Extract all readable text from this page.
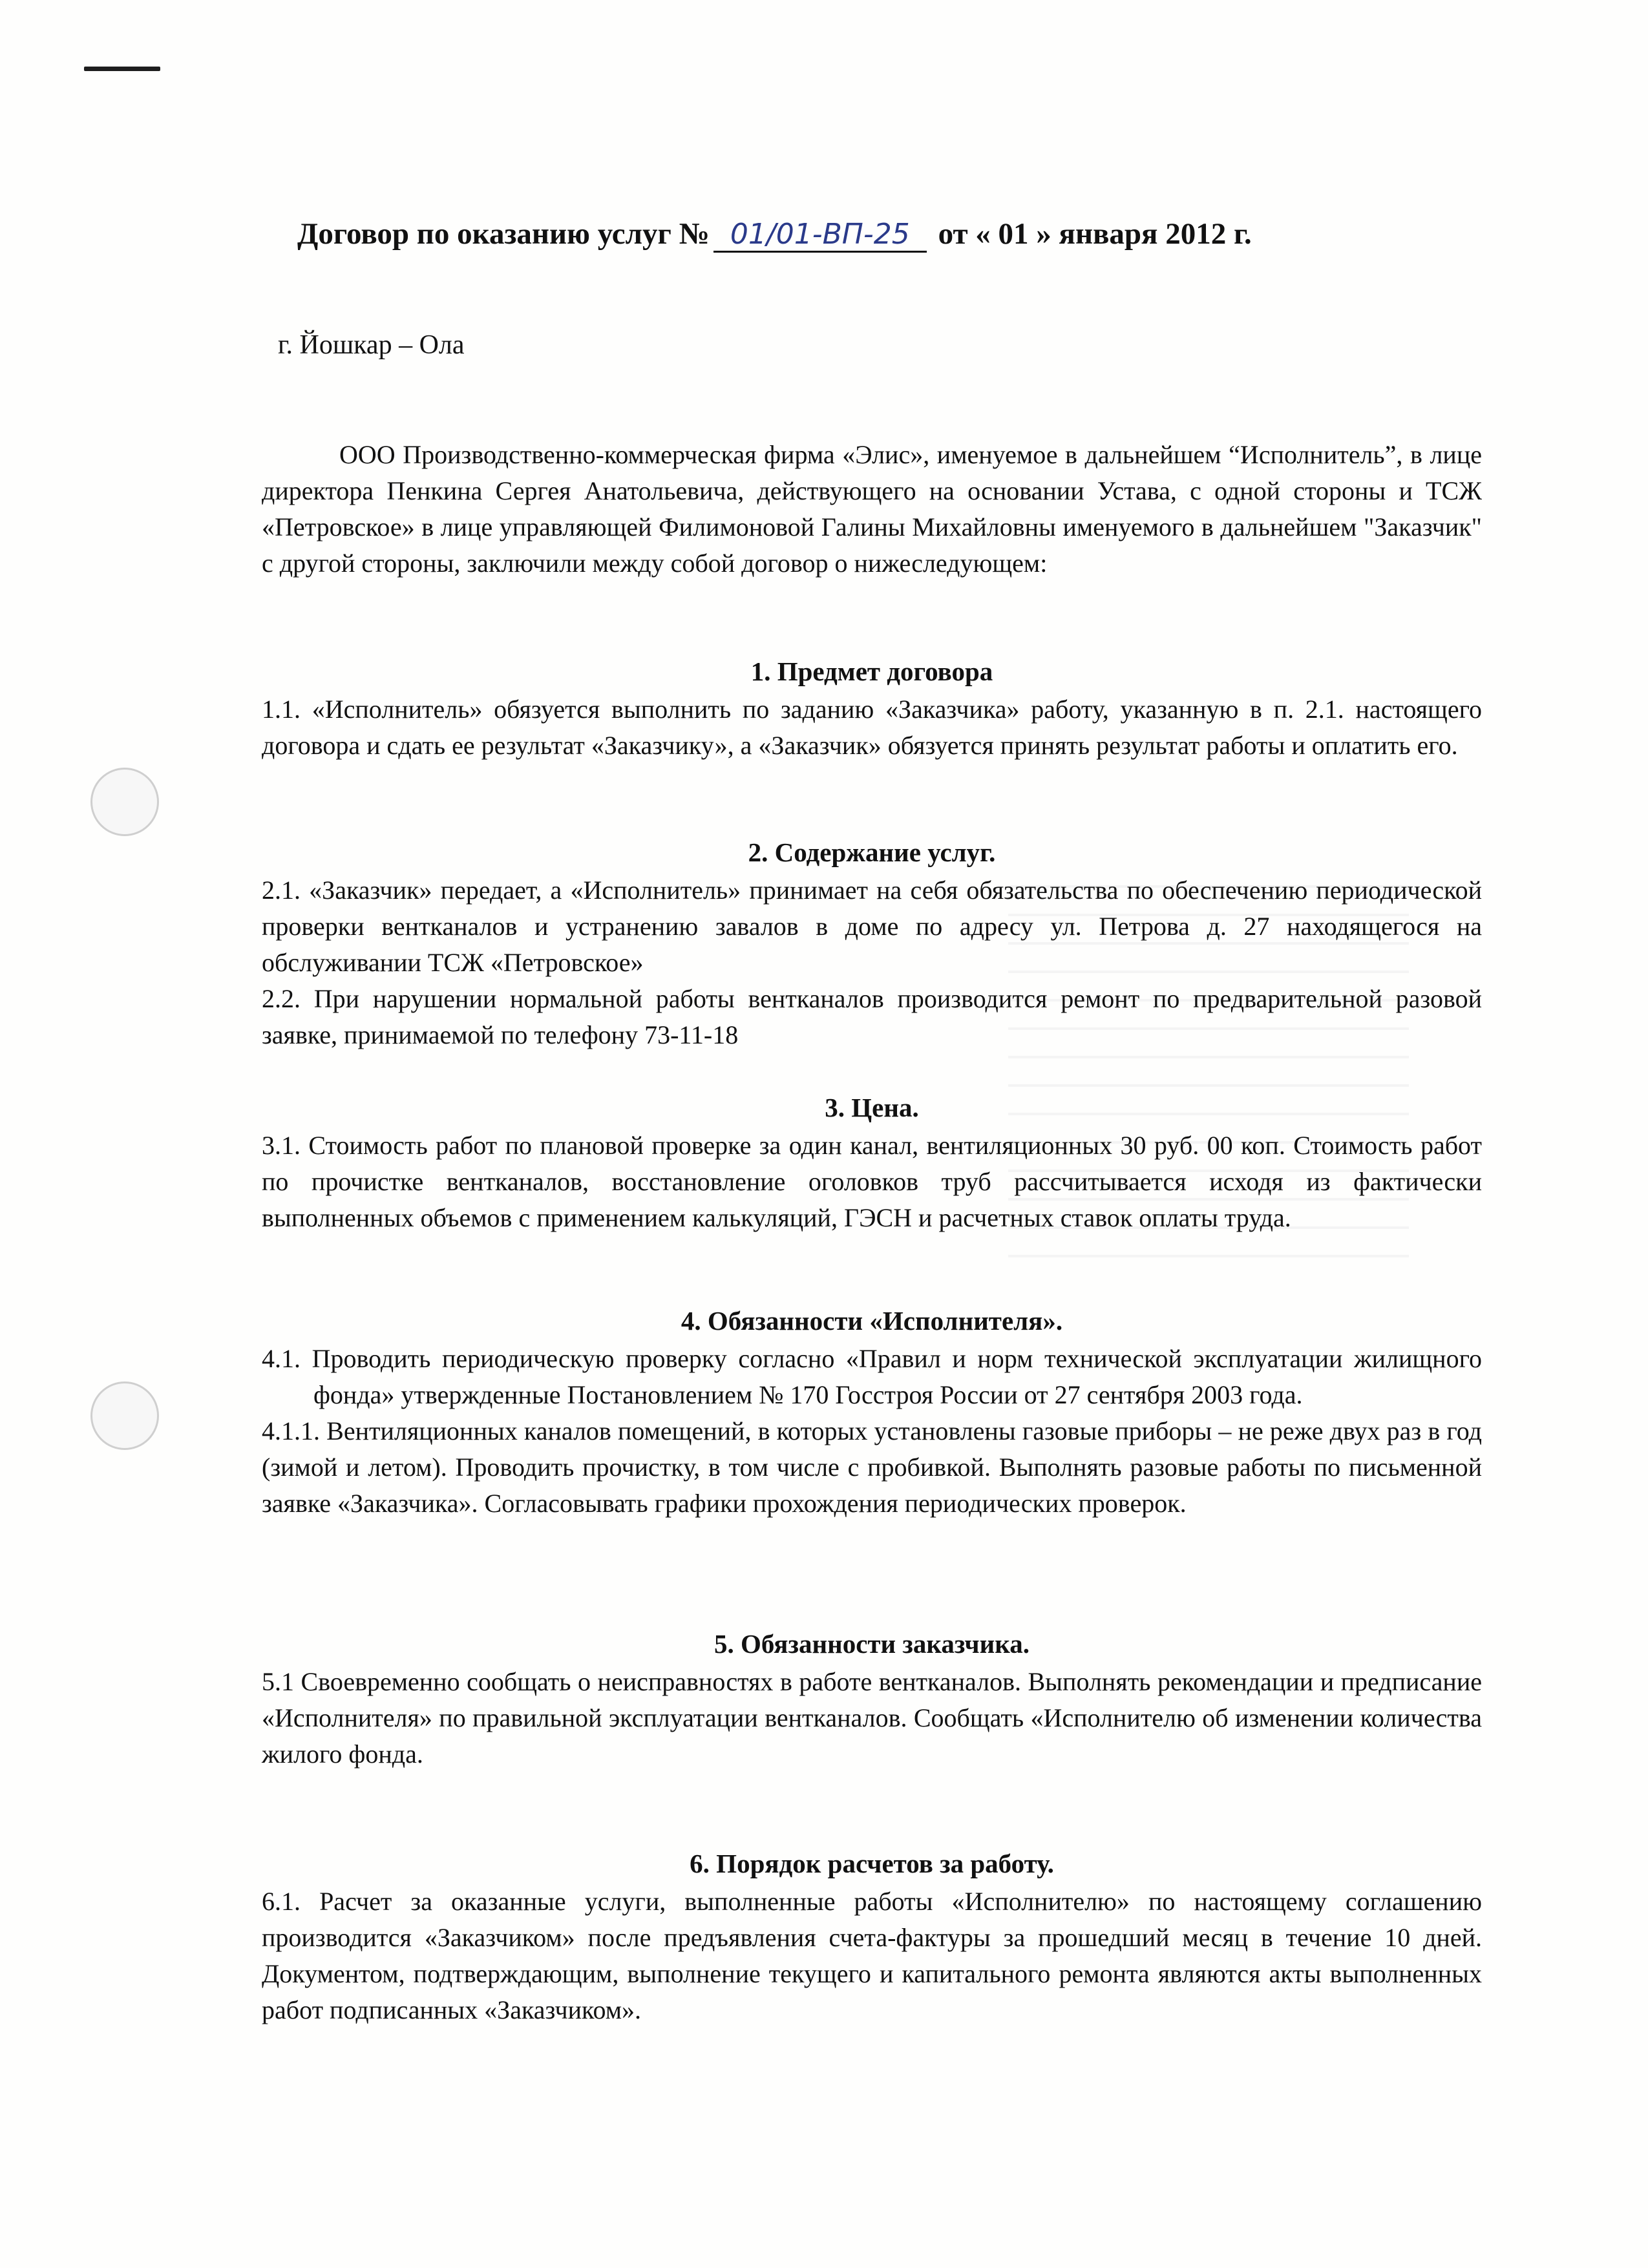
Договор по оказанию услуг № 01/01-ВП-25 от « 01 » января 2012 г.
г. Йошкар – Ола

ООО Производственно-коммерческая фирма «Элис», именуемое в дальнейшем “Исполнитель”, в лице директора Пенкина Сергея Анатольевича, действующего на основании Устава, с одной стороны и ТСЖ «Петровское» в лице управляющей Филимоновой Галины Михайловны именуемого в дальнейшем "Заказчик" с другой стороны, заключили между собой договор о нижеследующем:

1. Предмет договора

1.1. «Исполнитель» обязуется выполнить по заданию «Заказчика» работу, указанную в п. 2.1. настоящего договора и сдать ее результат «Заказчику», а «Заказчик» обязуется принять результат работы и оплатить его.

2. Содержание услуг.

2.1. «Заказчик» передает, а «Исполнитель» принимает на себя обязательства по обеспечению периодической проверки вентканалов и устранению завалов в доме по адресу ул. Петрова д. 27 находящегося на обслуживании ТСЖ «Петровское»

2.2. При нарушении нормальной работы вентканалов производится ремонт по предварительной разовой заявке, принимаемой по телефону 73-11-18

3. Цена.

3.1. Стоимость работ по плановой проверке за один канал, вентиляционных 30 руб. 00 коп. Стоимость работ по прочистке вентканалов, восстановление оголовков труб рассчитывается исходя из фактически выполненных объемов с применением калькуляций, ГЭСН и расчетных ставок оплаты труда.

4. Обязанности «Исполнителя».

4.1. Проводить периодическую проверку согласно «Правил и норм технической эксплуатации жилищного фонда» утвержденные Постановлением № 170 Госстроя России от 27 сентября 2003 года.

4.1.1. Вентиляционных каналов помещений, в которых установлены газовые приборы – не реже двух раз в год (зимой и летом). Проводить прочистку, в том числе с пробивкой. Выполнять разовые работы по письменной заявке «Заказчика». Согласовывать графики прохождения периодических проверок.

5. Обязанности заказчика.

5.1 Своевременно сообщать о неисправностях в работе вентканалов. Выполнять рекомендации и предписание «Исполнителя» по правильной эксплуатации вентканалов. Сообщать «Исполнителю об изменении количества жилого фонда.

6. Порядок расчетов за работу.

6.1. Расчет за оказанные услуги, выполненные работы «Исполнителю» по настоящему соглашению производится «Заказчиком» после предъявления счета-фактуры за прошедший месяц в течение 10 дней. Документом, подтверждающим, выполнение текущего и капитального ремонта являются акты выполненных работ подписанных «Заказчиком».
